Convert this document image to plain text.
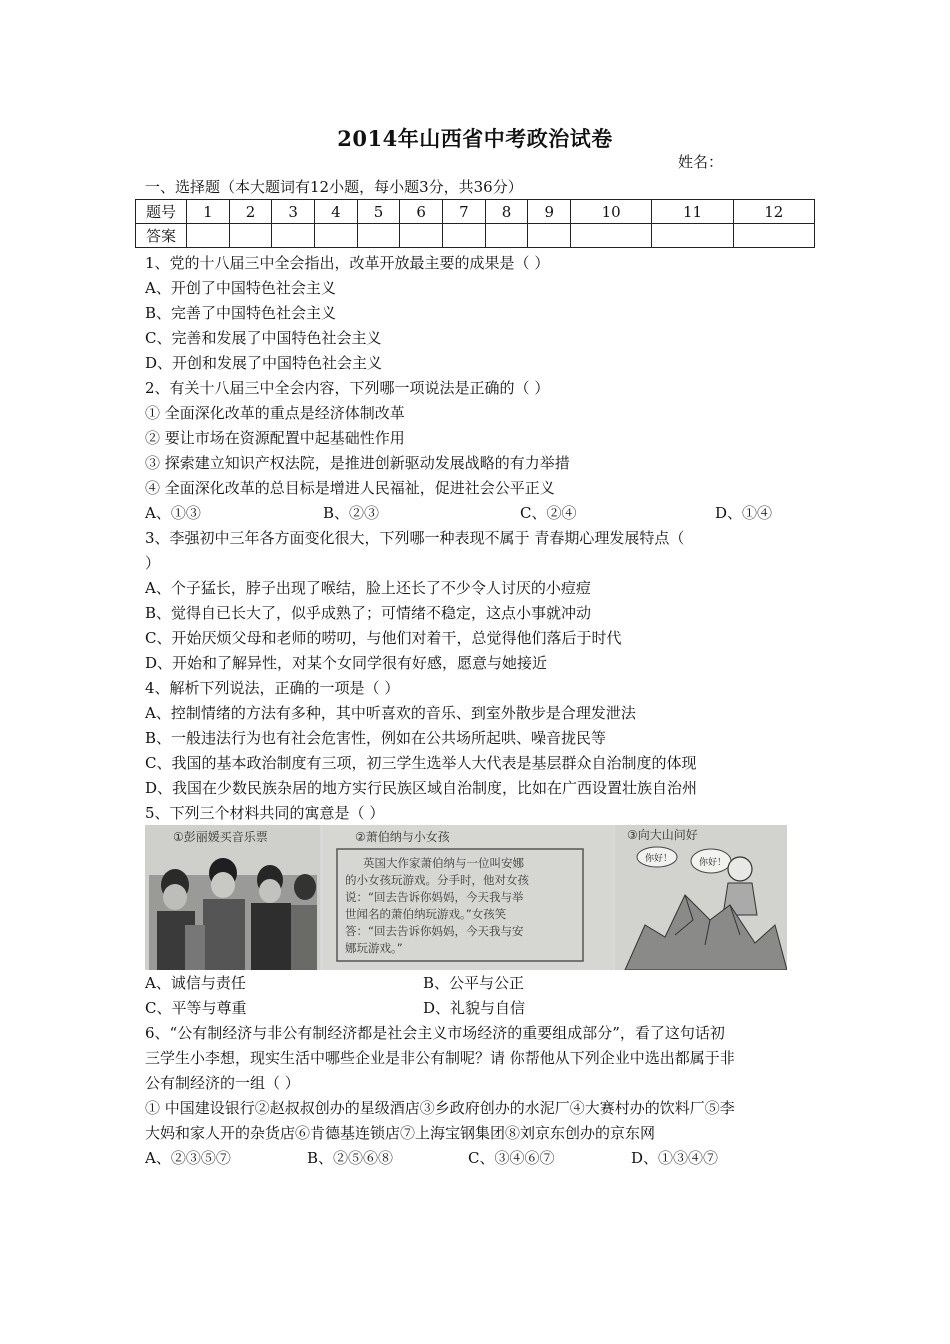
2014年山西省中考政治试卷
姓名：
一、选择题（本大题词有12小题，每小题3分，共36分）
题号	1	2	3	4	5	6	7	8	9	10	11	12
答案												
1、党的十八届三中全会指出，改革开放最主要的成果是（ ）
A、开创了中国特色社会主义
B、完善了中国特色社会主义
C、完善和发展了中国特色社会主义
D、开创和发展了中国特色社会主义
2、有关十八届三中全会内容，下列哪一项说法是正确的（ ）
① 全面深化改革的重点是经济体制改革
② 要让市场在资源配置中起基础性作用
③ 探索建立知识产权法院，是推进创新驱动发展战略的有力举措
④ 全面深化改革的总目标是增进人民福祉，促进社会公平正义
A、①③	B、②③	C、②④	D、①④
3、李强初中三年各方面变化很大，下列哪一种表现不属于 青春期心理发展特点（
）
A、个子猛长，脖子出现了喉结，脸上还长了不少令人讨厌的小痘痘
B、觉得自已长大了，似乎成熟了；可情绪不稳定，这点小事就冲动
C、开始厌烦父母和老师的唠叨，与他们对着干，总觉得他们落后于时代
D、开始和了解异性，对某个女同学很有好感，愿意与她接近
4、解析下列说法，正确的一项是（ ）
A、控制情绪的方法有多种，其中听喜欢的音乐、到室外散步是合理发泄法
B、一般违法行为也有社会危害性，例如在公共场所起哄、噪音拢民等
C、我国的基本政治制度有三项，初三学生选举人大代表是基层群众自治制度的体现
D、我国在少数民族杂居的地方实行民族区域自治制度，比如在广西设置壮族自治州
5、下列三个材料共同的寓意是（ ）
①彭丽媛买音乐票	②萧伯纳与小女孩
英国大作家萧伯纳与一位叫安娜
的小女孩玩游戏。分手时，他对女孩
说：“回去告诉你妈妈，今天我与举
世闻名的萧伯纳玩游戏。”女孩笑
答：“回去告诉你妈妈，今天我与安
娜玩游戏。”
③向大山问好
你好！	你好！
A、诚信与责任	B、公平与公正
C、平等与尊重	D、礼貌与自信
6、“公有制经济与非公有制经济都是社会主义市场经济的重要组成部分”，看了这句话初
三学生小李想，现实生活中哪些企业是非公有制呢？请 你帮他从下列企业中选出都属于非
公有制经济的一组（ ）
① 中国建设银行②赵叔叔创办的星级酒店③乡政府创办的水泥厂④大赛村办的饮料厂⑤李
大妈和家人开的杂货店⑥肯德基连锁店⑦上海宝钢集团⑧刘京东创办的京东网
A、②③⑤⑦	B、②⑤⑥⑧	C、③④⑥⑦	D、①③④⑦
